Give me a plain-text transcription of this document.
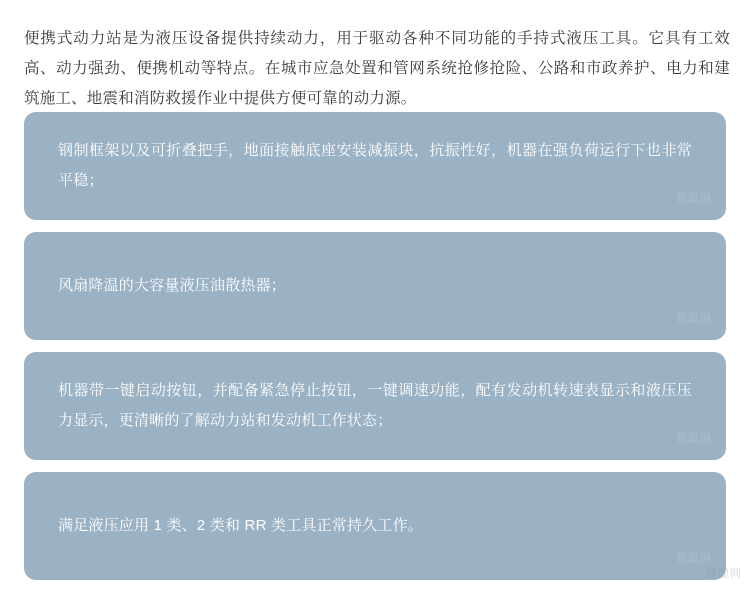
便携式动力站是为液压设备提供持续动力，用于驱动各种不同功能的手持式液压工具。它具有工效高、动力强劲、便携机动等特点。在城市应急处置和管网系统抢修抢险、公路和市政养护、电力和建筑施工、地震和消防救援作业中提供方便可靠的动力源。

钢制框架以及可折叠把手，地面接触底座安装减振块，抗振性好，机器在强负荷运行下也非常平稳；
慧聪网
风扇降温的大容量液压油散热器；
慧聪网
机器带一键启动按钮，并配备紧急停止按钮，一键调速功能，配有发动机转速表显示和液压压力显示，更清晰的了解动力站和发动机工作状态；
慧聪网
满足液压应用 1 类、2 类和 RR 类工具正常持久工作。
慧聪网
慧聪网
